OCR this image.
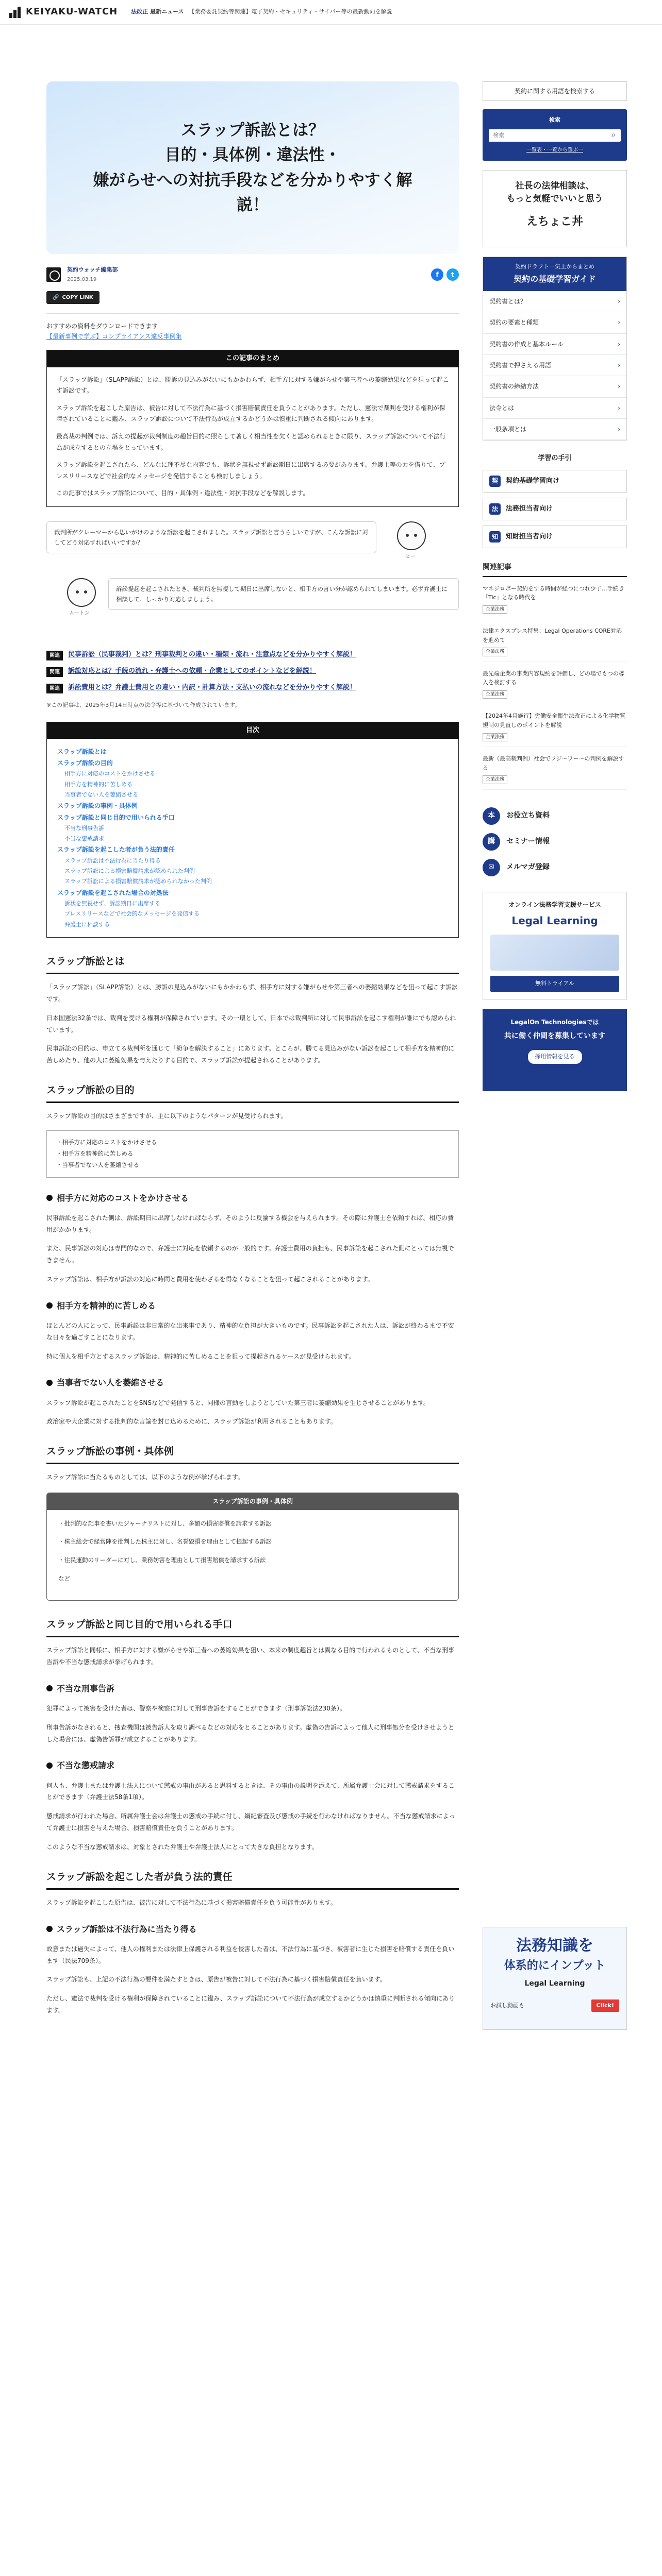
KEIYAKU-WATCH 法改正 最新ニュース 【業務委託契約等関連】電子契約・セキュリティ・サイバー等の最新動向を解説
スラップ訴訟とは？
目的・具体例・違法性・
嫌がらせへの対抗手段などを分かりやすく解説！
契約ウォッチ編集部
2025.03.19
f	t
🔗 COPY LINK
おすすめの資料をダウンロードできます
【最新事例で学ぶ】コンプライアンス違反事例集
この記事のまとめ

「スラップ訴訟」（SLAPP訴訟）とは、勝訴の見込みがないにもかかわらず、相手方に対する嫌がらせや第三者への萎縮効果などを狙って起こす訴訟です。

スラップ訴訟を起こした原告は、被告に対して不法行為に基づく損害賠償責任を負うことがあります。ただし、憲法で裁判を受ける権利が保障されていることに鑑み、スラップ訴訟について不法行為が成立するかどうかは慎重に判断される傾向にあります。

最高裁の判例では、訴えの提起が裁判制度の趣旨目的に照らして著しく相当性を欠くと認められるときに限り、スラップ訴訟について不法行為が成立するとの立場をとっています。

スラップ訴訟を起こされたら、どんなに理不尽な内容でも、訴状を無視せず訴訟期日に出席する必要があります。弁護士等の力を借りて、プレスリリースなどで社会的なメッセージを発信することも検討しましょう。

この記事ではスラップ訴訟について、目的・具体例・違法性・対抗手段などを解説します。

裁判所がクレーマーから思いがけのような訴訟を起こされました。スラップ訴訟と言うらしいですが、こんな訴訟に対してどう対応すればいいですか？
ヒー
ムートン
訴訟提起を起こされたとき、裁判所を無視して期日に出席しないと、相手方の言い分が認められてしまいます。必ず弁護士に相談して、しっかり対応しましょう。
関連	民事訴訟（民事裁判）とは？刑事裁判との違い・種類・流れ・注意点などを分かりやすく解説！
関連	訴訟対応とは？手続の流れ・弁護士への依頼・企業としてのポイントなどを解説！
関連	訴訟費用とは？弁護士費用との違い・内訳・計算方法・支払いの流れなどを分かりやすく解説！
※この記事は、2025年3月14日時点の法令等に基づいて作成されています。
目次
スラップ訴訟とは
スラップ訴訟の目的
相手方に対応のコストをかけさせる
相手方を精神的に苦しめる
当事者でない人を萎縮させる
スラップ訴訟の事例・具体例
スラップ訴訟と同じ目的で用いられる手口
不当な刑事告訴
不当な懲戒請求
スラップ訴訟を起こした者が負う法的責任
スラップ訴訟は不法行為に当たり得る
スラップ訴訟による損害賠償請求が認められた判例
スラップ訴訟による損害賠償請求が認められなかった判例
スラップ訴訟を起こされた場合の対処法
訴状を無視せず、訴訟期日に出席する
プレスリリースなどで社会的なメッセージを発信する
弁護士に相談する
スラップ訴訟とは

「スラップ訴訟」（SLAPP訴訟）とは、勝訴の見込みがないにもかかわらず、相手方に対する嫌がらせや第三者への萎縮効果などを狙って起こす訴訟です。

日本国憲法32条では、裁判を受ける権利が保障されています。その一環として、日本では裁判所に対して民事訴訟を起こす権利が誰にでも認められています。

民事訴訟の目的は、申立てる裁判所を通じて「紛争を解決すること」にあります。ところが、勝てる見込みがない訴訟を起こして相手方を精神的に苦しめたり、他の人に萎縮効果を与えたりする目的で、スラップ訴訟が提起されることがあります。

スラップ訴訟の目的

スラップ訴訟の目的はさまざまですが、主に以下のようなパターンが見受けられます。

・相手方に対応のコストをかけさせる
・相手方を精神的に苦しめる
・当事者でない人を萎縮させる
相手方に対応のコストをかけさせる

民事訴訟を起こされた側は、訴訟期日に出席しなければならず、そのように反論する機会を与えられます。その際に弁護士を依頼すれば、相応の費用がかかります。

また、民事訴訟の対応は専門的なので、弁護士に対応を依頼するのが一般的です。弁護士費用の負担も、民事訴訟を起こされた側にとっては無視できません。

スラップ訴訟は、相手方が訴訟の対応に時間と費用を使わざるを得なくなることを狙って起こされることがあります。

相手方を精神的に苦しめる

ほとんどの人にとって、民事訴訟は非日常的な出来事であり、精神的な負担が大きいものです。民事訴訟を起こされた人は、訴訟が終わるまで不安な日々を過ごすことになります。

特に個人を相手方とするスラップ訴訟は、精神的に苦しめることを狙って提起されるケースが見受けられます。

当事者でない人を萎縮させる

スラップ訴訟が起こされたことをSNSなどで発信すると、同様の言動をしようとしていた第三者に萎縮効果を生じさせることがあります。

政治家や大企業に対する批判的な言論を封じ込めるために、スラップ訴訟が利用されることもあります。

スラップ訴訟の事例・具体例

スラップ訴訟に当たるものとしては、以下のような例が挙げられます。

スラップ訴訟の事例・具体例

・批判的な記事を書いたジャーナリストに対し、多額の損害賠償を請求する訴訟

・株主総会で経営陣を批判した株主に対し、名誉毀損を理由として提起する訴訟

・住民運動のリーダーに対し、業務妨害を理由として損害賠償を請求する訴訟

など

スラップ訴訟と同じ目的で用いられる手口

スラップ訴訟と同様に、相手方に対する嫌がらせや第三者への萎縮効果を狙い、本来の制度趣旨とは異なる目的で行われるものとして、不当な刑事告訴や不当な懲戒請求が挙げられます。

不当な刑事告訴

犯罪によって被害を受けた者は、警察や検察に対して刑事告訴をすることができます（刑事訴訟法230条）。

刑事告訴がなされると、捜査機関は被告訴人を取り調べるなどの対応をとることがあります。虚偽の告訴によって他人に刑事処分を受けさせようとした場合には、虚偽告訴罪が成立することがあります。

不当な懲戒請求

何人も、弁護士または弁護士法人について懲戒の事由があると思料するときは、その事由の説明を添えて、所属弁護士会に対して懲戒請求をすることができます（弁護士法58条1項）。

懲戒請求が行われた場合、所属弁護士会は弁護士の懲戒の手続に付し、綱紀審査及び懲戒の手続を行わなければなりません。不当な懲戒請求によって弁護士に損害を与えた場合、損害賠償責任を負うことがあります。

このような不当な懲戒請求は、対象とされた弁護士や弁護士法人にとって大きな負担となります。

スラップ訴訟を起こした者が負う法的責任

スラップ訴訟を起こした原告は、被告に対して不法行為に基づく損害賠償責任を負う可能性があります。

スラップ訴訟は不法行為に当たり得る

故意または過失によって、他人の権利または法律上保護される利益を侵害した者は、不法行為に基づき、被害者に生じた損害を賠償する責任を負います（民法709条）。

スラップ訴訟も、上記の不法行為の要件を満たすときは、原告が被告に対して不法行為に基づく損害賠償責任を負います。

ただし、憲法で裁判を受ける権利が保障されていることに鑑み、スラップ訴訟について不法行為が成立するかどうかは慎重に判断される傾向にあります。

契約に関する用語を検索する
検索
検索
⌕
一覧表・一覧から選ぶ一
社長の法律相談は、
もっと気軽でいいと思う
えちょこ丼
契約ドラフト一気上からまとめ
契約の基礎学習ガイド
契約書とは？	›
契約の要素と種類	›
契約書の作成と基本ルール	›
契約書で押さえる用語	›
契約書の締結方法	›
法令とは	›
一般条項とは	›
学習の手引
契	契約基礎学習向け
法	法務担当者向け
知	知財担当者向け
関連記事
マネジロボー契約をする時間が経つにつれ少子…手続き「Tic」となる時代を
企業法務
法律エクスプレス特集：Legal Operations CORE対応を進めて
企業法務
最先端企業の事業内容規約を評価し、どの場でもつの導入を検討する
企業法務
【2024年4月施行】労働安全衛生法改正による化学物質規制の見直しのポイントを解説
企業法務
最新（最高裁判例）社会でフジ〜ワー〜の判例を解説する
企業法務
本	お役立ち資料
講	セミナー情報
✉	メルマガ登録
オンライン法務学習支援サービス
Legal Learning
無料トライアル
LegalOn Technologiesでは
共に働く仲間を募集しています
採用情報を見る
法務知識を
体系的にインプット
Legal Learning
お試し動画も	Click!
